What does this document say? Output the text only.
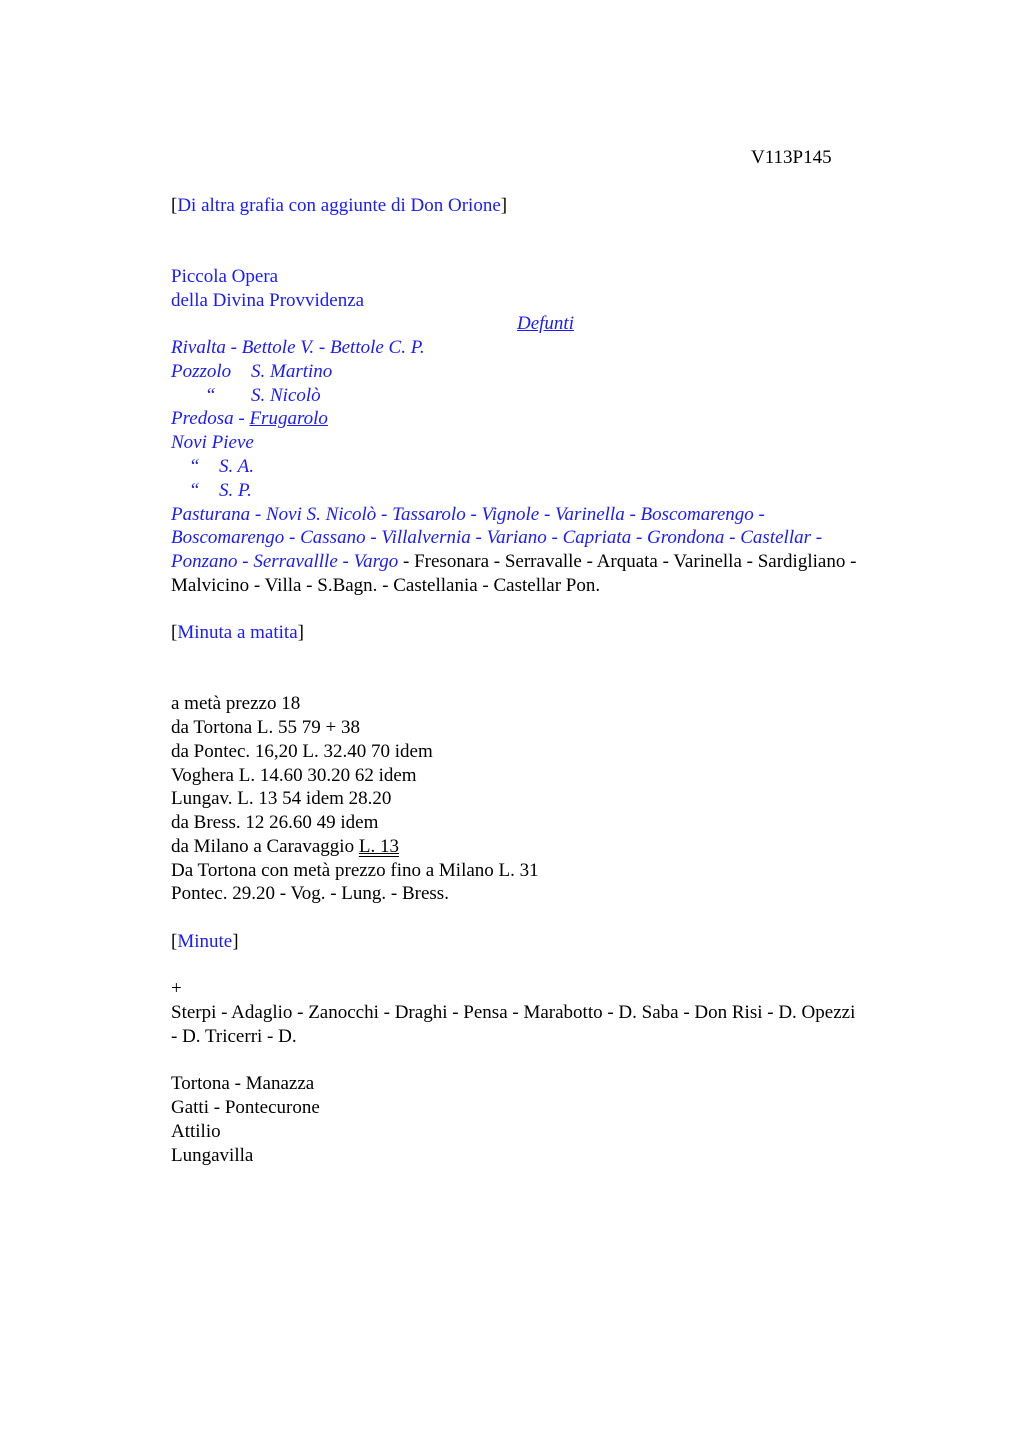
V113P145
[Di altra grafia con aggiunte di Don Orione]
Piccola Opera
della Divina Provvidenza
Defunti
Rivalta - Bettole V. - Bettole C. P.
Pozzolo S. Martino
“ S. Nicolò
Predosa - Frugarolo
Novi Pieve
“ S. A.
“ S. P.
Pasturana - Novi S. Nicolò - Tassarolo - Vignole - Varinella - Boscomarengo -
Boscomarengo - Cassano - Villalvernia - Variano - Capriata - Grondona - Castellar -
Ponzano - Serravallle - Vargo - Fresonara - Serravalle - Arquata - Varinella - Sardigliano -
Malvicino - Villa - S.Bagn. - Castellania - Castellar Pon.
[Minuta a matita]
a metà prezzo 18
da Tortona L. 55 79 + 38
da Pontec. 16,20 L. 32.40 70 idem
Voghera L. 14.60 30.20 62 idem
Lungav. L. 13 54 idem 28.20
da Bress. 12 26.60 49 idem
da Milano a Caravaggio L. 13
Da Tortona con metà prezzo fino a Milano L. 31
Pontec. 29.20 - Vog. - Lung. - Bress.
[Minute]
+
Sterpi - Adaglio - Zanocchi - Draghi - Pensa - Marabotto - D. Saba - Don Risi - D. Opezzi
- D. Tricerri - D.
Tortona - Manazza
Gatti - Pontecurone
Attilio
Lungavilla
